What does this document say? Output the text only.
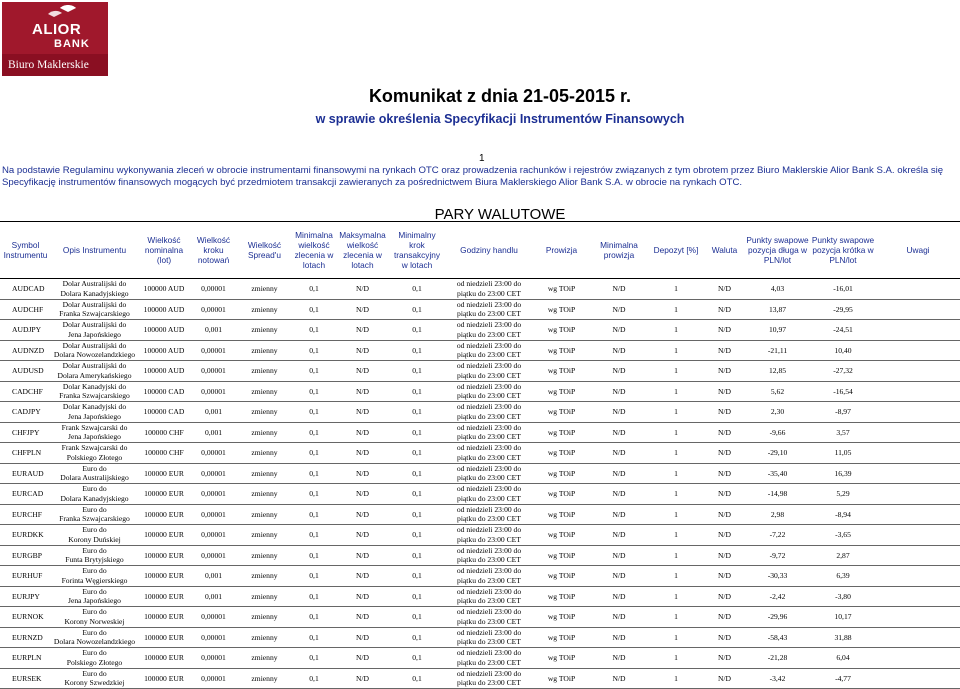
ALIOR
BANK
Biuro Maklerskie
Komunikat z dnia 21-05-2015 r.
w sprawie określenia Specyfikacji Instrumentów Finansowych
1
Na podstawie Regulaminu wykonywania zleceń w obrocie instrumentami finansowymi na rynkach OTC oraz prowadzenia rachunków i rejestrów związanych z tym obrotem przez Biuro Maklerskie Alior Bank S.A. określa się Specyfikację instrumentów finansowych mogących być przedmiotem transakcji zawieranych za pośrednictwem Biura Maklerskiego Alior Bank S.A. w obrocie na rynkach OTC.
PARY WALUTOWE
Symbol Instrumentu	Opis Instrumentu	Wielkość nominalna (lot)	Wielkość kroku notowań	Wielkość Spread'u	Minimalna wielkość zlecenia w lotach	Maksymalna wielkość zlecenia w lotach	Minimalny krok transakcyjny w lotach	Godziny handlu	Prowizja	Minimalna prowizja	Depozyt [%]	Waluta	Punkty swapowe pozycja długa w PLN/lot	Punkty swapowe pozycja krótka w PLN/lot	Uwagi
AUDCAD	Dolar Australijski do
Dolara Kanadyjskiego	100000 AUD	0,00001	zmienny	0,1	N/D	0,1	od niedzieli 23:00 do
piątku do 23:00 CET	wg TOiP	N/D	1	N/D	4,03	-16,01	
AUDCHF	Dolar Australijski do
Franka Szwajcarskiego	100000 AUD	0,00001	zmienny	0,1	N/D	0,1	od niedzieli 23:00 do
piątku do 23:00 CET	wg TOiP	N/D	1	N/D	13,87	-29,95	
AUDJPY	Dolar Australijski do
Jena Japońskiego	100000 AUD	0,001	zmienny	0,1	N/D	0,1	od niedzieli 23:00 do
piątku do 23:00 CET	wg TOiP	N/D	1	N/D	10,97	-24,51	
AUDNZD	Dolar Australijski do
Dolara Nowozelandzkiego	100000 AUD	0,00001	zmienny	0,1	N/D	0,1	od niedzieli 23:00 do
piątku do 23:00 CET	wg TOiP	N/D	1	N/D	-21,11	10,40	
AUDUSD	Dolar Australijski do
Dolara Amerykańskiego	100000 AUD	0,00001	zmienny	0,1	N/D	0,1	od niedzieli 23:00 do
piątku do 23:00 CET	wg TOiP	N/D	1	N/D	12,85	-27,32	
CADCHF	Dolar Kanadyjski do
Franka Szwajcarskiego	100000 CAD	0,00001	zmienny	0,1	N/D	0,1	od niedzieli 23:00 do
piątku do 23:00 CET	wg TOiP	N/D	1	N/D	5,62	-16,54	
CADJPY	Dolar Kanadyjski do
Jena Japońskiego	100000 CAD	0,001	zmienny	0,1	N/D	0,1	od niedzieli 23:00 do
piątku do 23:00 CET	wg TOiP	N/D	1	N/D	2,30	-8,97	
CHFJPY	Frank Szwajcarski do
Jena Japońskiego	100000 CHF	0,001	zmienny	0,1	N/D	0,1	od niedzieli 23:00 do
piątku do 23:00 CET	wg TOiP	N/D	1	N/D	-9,66	3,57	
CHFPLN	Frank Szwajcarski do
Polskiego Złotego	100000 CHF	0,00001	zmienny	0,1	N/D	0,1	od niedzieli 23:00 do
piątku do 23:00 CET	wg TOiP	N/D	1	N/D	-29,10	11,05	
EURAUD	Euro do
Dolara Australijskiego	100000 EUR	0,00001	zmienny	0,1	N/D	0,1	od niedzieli 23:00 do
piątku do 23:00 CET	wg TOiP	N/D	1	N/D	-35,40	16,39	
EURCAD	Euro do
Dolara Kanadyjskiego	100000 EUR	0,00001	zmienny	0,1	N/D	0,1	od niedzieli 23:00 do
piątku do 23:00 CET	wg TOiP	N/D	1	N/D	-14,98	5,29	
EURCHF	Euro do
Franka Szwajcarskiego	100000 EUR	0,00001	zmienny	0,1	N/D	0,1	od niedzieli 23:00 do
piątku do 23:00 CET	wg TOiP	N/D	1	N/D	2,98	-8,94	
EURDKK	Euro do
Korony Duńskiej	100000 EUR	0,00001	zmienny	0,1	N/D	0,1	od niedzieli 23:00 do
piątku do 23:00 CET	wg TOiP	N/D	1	N/D	-7,22	-3,65	
EURGBP	Euro do
Funta Brytyjskiego	100000 EUR	0,00001	zmienny	0,1	N/D	0,1	od niedzieli 23:00 do
piątku do 23:00 CET	wg TOiP	N/D	1	N/D	-9,72	2,87	
EURHUF	Euro do
Forinta Węgierskiego	100000 EUR	0,001	zmienny	0,1	N/D	0,1	od niedzieli 23:00 do
piątku do 23:00 CET	wg TOiP	N/D	1	N/D	-30,33	6,39	
EURJPY	Euro do
Jena Japońskiego	100000 EUR	0,001	zmienny	0,1	N/D	0,1	od niedzieli 23:00 do
piątku do 23:00 CET	wg TOiP	N/D	1	N/D	-2,42	-3,80	
EURNOK	Euro do
Korony Norweskiej	100000 EUR	0,00001	zmienny	0,1	N/D	0,1	od niedzieli 23:00 do
piątku do 23:00 CET	wg TOiP	N/D	1	N/D	-29,96	10,17	
EURNZD	Euro do
Dolara Nowozelandzkiego	100000 EUR	0,00001	zmienny	0,1	N/D	0,1	od niedzieli 23:00 do
piątku do 23:00 CET	wg TOiP	N/D	1	N/D	-58,43	31,88	
EURPLN	Euro do
Polskiego Złotego	100000 EUR	0,00001	zmienny	0,1	N/D	0,1	od niedzieli 23:00 do
piątku do 23:00 CET	wg TOiP	N/D	1	N/D	-21,28	6,04	
EURSEK	Euro do
Korony Szwedzkiej	100000 EUR	0,00001	zmienny	0,1	N/D	0,1	od niedzieli 23:00 do
piątku do 23:00 CET	wg TOiP	N/D	1	N/D	-3,42	-4,77	
